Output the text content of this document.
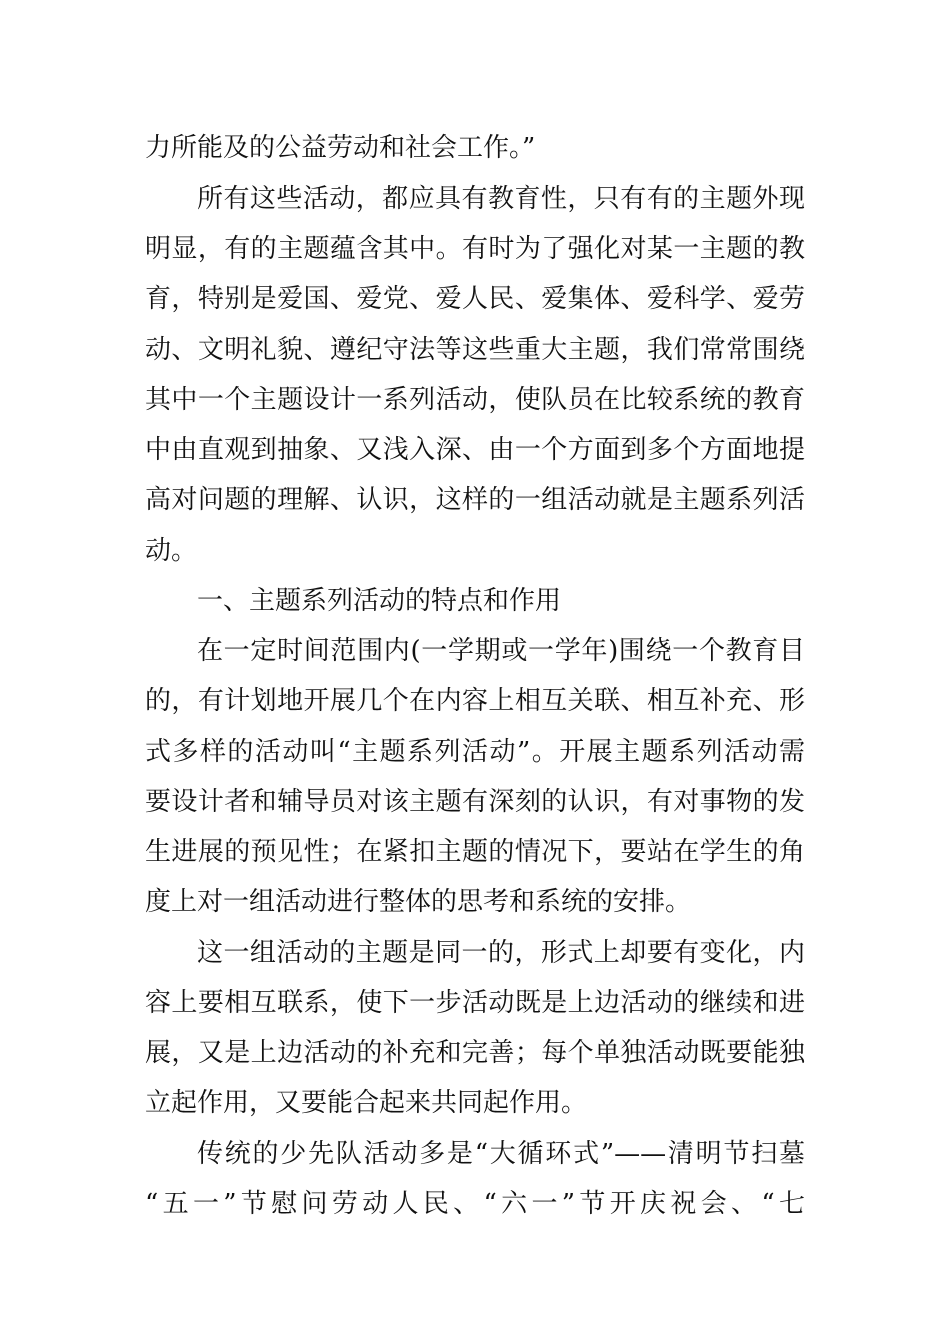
力所能及的公益劳动和社会工作。”
所有这些活动，都应具有教育性，只有有的主题外现
明显，有的主题蕴含其中。有时为了强化对某一主题的教
育，特别是爱国、爱党、爱人民、爱集体、爱科学、爱劳
动、文明礼貌、遵纪守法等这些重大主题，我们常常围绕
其中一个主题设计一系列活动，使队员在比较系统的教育
中由直观到抽象、又浅入深、由一个方面到多个方面地提
高对问题的理解、认识，这样的一组活动就是主题系列活
动。
一、主题系列活动的特点和作用
在一定时间范围内(一学期或一学年)围绕一个教育目
的，有计划地开展几个在内容上相互关联、相互补充、形
式多样的活动叫“主题系列活动”。开展主题系列活动需
要设计者和辅导员对该主题有深刻的认识，有对事物的发
生进展的预见性；在紧扣主题的情况下，要站在学生的角
度上对一组活动进行整体的思考和系统的安排。
这一组活动的主题是同一的，形式上却要有变化，内
容上要相互联系，使下一步活动既是上边活动的继续和进
展，又是上边活动的补充和完善；每个单独活动既要能独
立起作用，又要能合起来共同起作用。
传统的少先队活动多是“大循环式”——清明节扫墓
“五一”节慰问劳动人民、“六一”节开庆祝会、“七
